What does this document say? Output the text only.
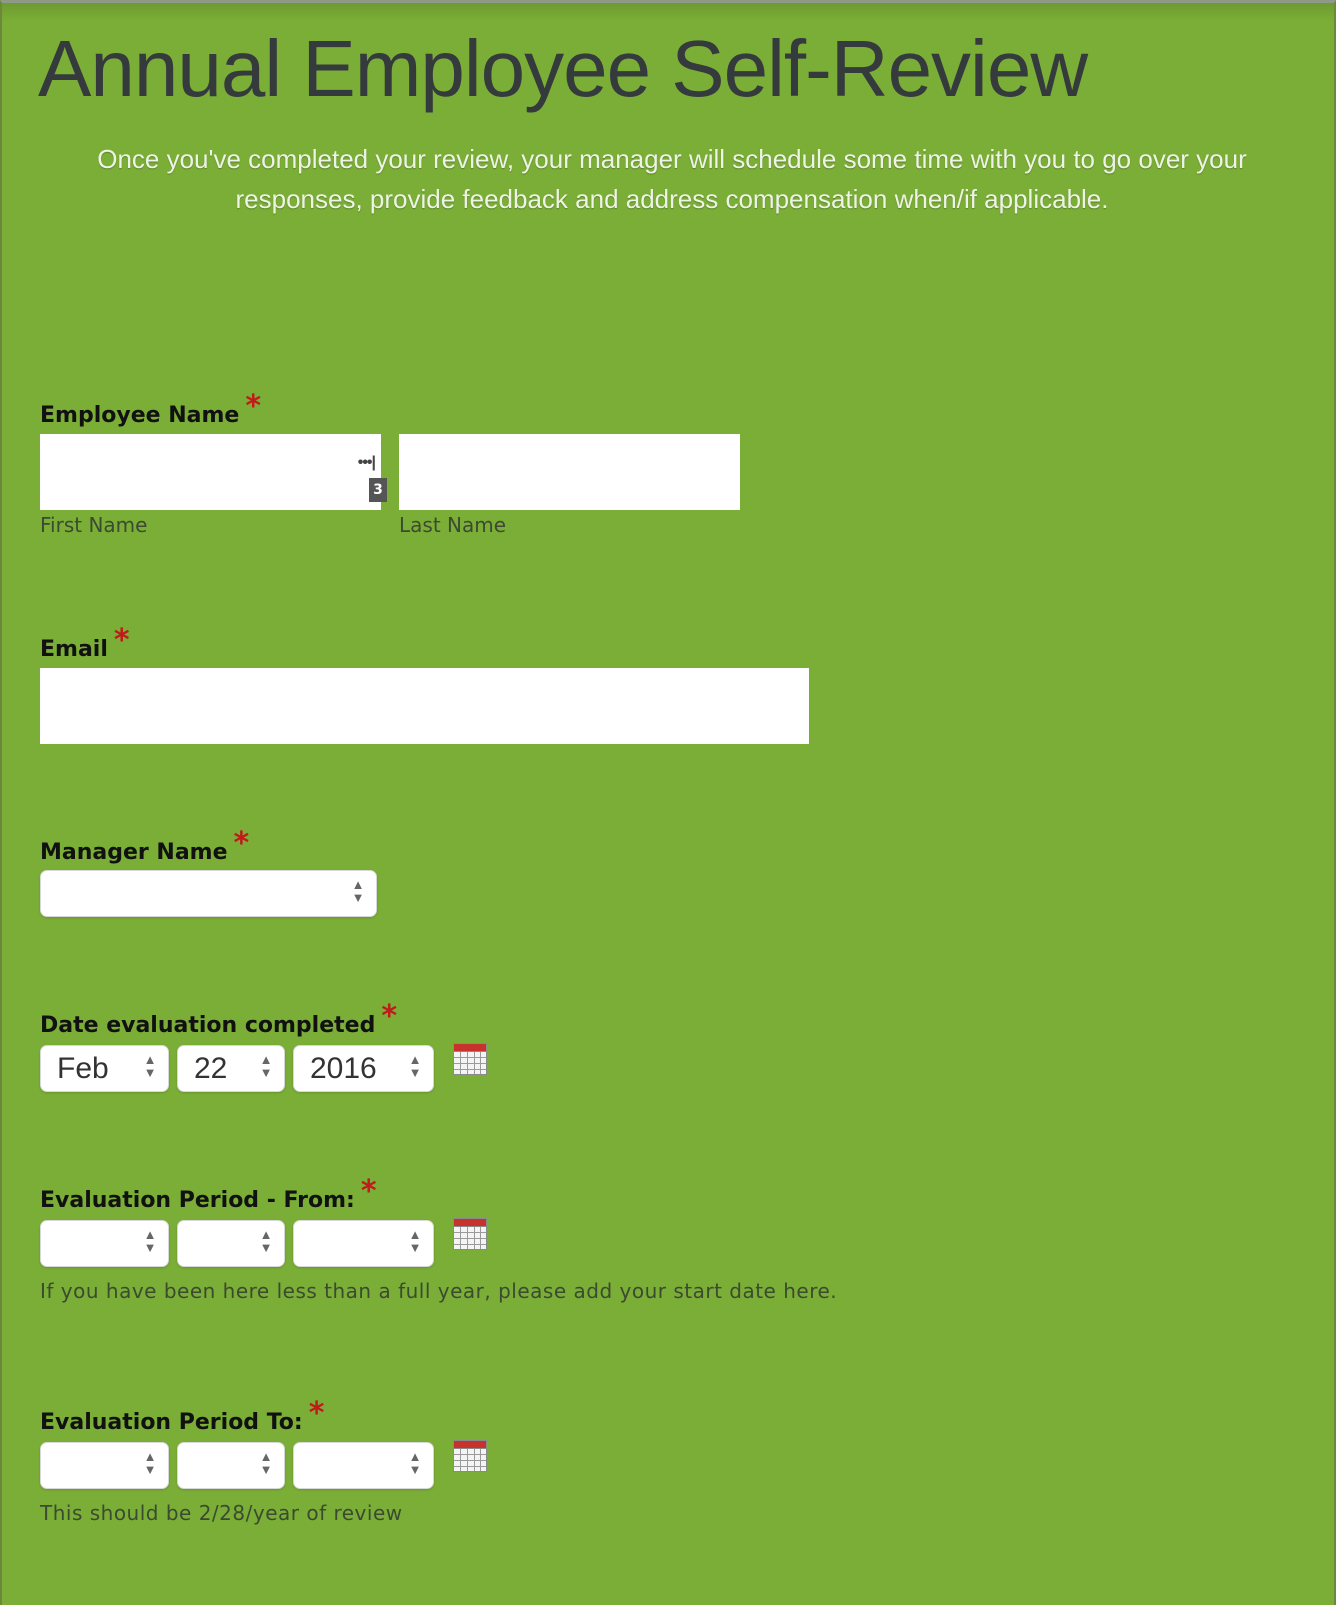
Annual Employee Self-Review
Once you've completed your review, your manager will schedule some time with you to go over your responses, provide feedback and address compensation when/if applicable.
Employee Name *
•••|
3
First Name	Last Name
Email *
Manager Name *
▲
▼
Date evaluation completed *
Feb	▲
▼ 22 ▲
▼ 2016 ▲
▼
Evaluation Period - From: *
▲
▼
▲
▼
▲
▼
If you have been here less than a full year, please add your start date here.
Evaluation Period To: *
▲
▼
▲
▼
▲
▼
This should be 2/28/year of review
